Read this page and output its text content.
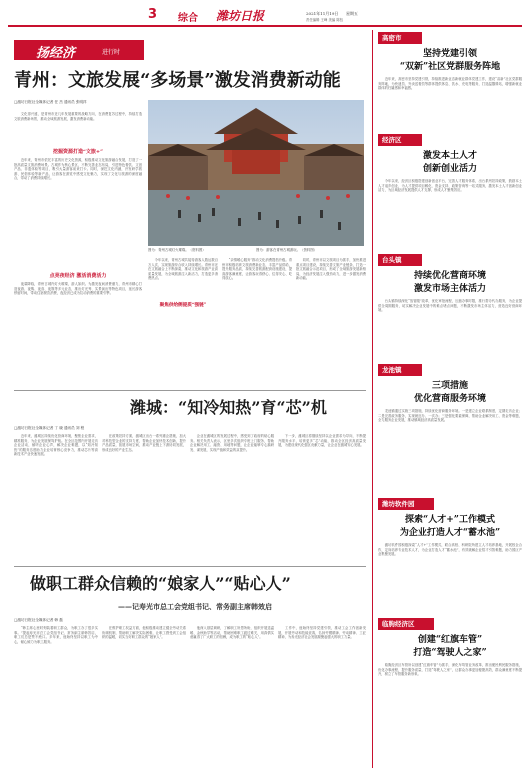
3 综合 潍坊日报	2021年11月19日 星期五
责任编辑 王峰 美编 陈钰
扬经济	进行时
青州：文旅发展“多场景”激发消费新动能
□潍坊日报社全媒体记者 任 杰 通讯员 张明祥
　　文化得兴盛，是青州市近几年发展重要的战略方向，在消费复苏过程中，持续打造文旅消费新场景，推动全域旅游发展，激发消费新动能。
挖掘资源打造“文旅+”
　　近年来，青州市依托丰富的历史文化资源，积极推动文化旅游融合发展，打造了一批高质量文旅消费场景。古城作为核心景区，不断完善业态布局，引进特色餐饮、文创产品、非遗体验等项目，吸引大量游客前来打卡。同时，深挖文化内涵，开发研学旅游、民俗体验等新产品，让游客在游览中感受文化魅力，实现了文化与旅游的深度融合，带动了消费持续增长。
点亮夜经济 激活消费活力
　　夜幕降临，青州古城内灯火璀璨，游人如织。为激发夜间消费潜力，青州市精心打造夜游、夜购、夜食、夜娱等多元业态，推出灯光秀、实景演出等特色项目，延长游客停留时间，带动住宿餐饮消费，夜经济已成为拉动消费的重要引擎。
图为：青州古城灯火璀璨。（资料图）	图为：游客在青州古城游玩。（资料图）
　　今年以来，青州古城共接待游客人数达数百万人次，实现旅游综合收入持续增长。青州市还在文旅融合上不断探索，推动文化和旅游产业高质量发展，为全域旅游注入新活力，打造更多消费热点。
聚焦供给侧提质“强链”
　　“亲情暖心服务”推动文化消费提档升级。青州市积极培育文旅消费新业态，丰富产品供给，提升服务品质，持续完善旅游配套设施建设，提高游客满意度，让游客玩得舒心、住得安心、吃得放心。
　　同时，青州市以文旅项目为抓手，加快推进重点项目建设，持续完善文旅产业链条，打造一批文旅融合示范项目，形成了全域旅游发展新格局，为经济发展注入强劲动力，进一步激发消费新动能。
潍城：“知冷知热”育“芯”机
□潍坊日报社全媒体记者 丁 晓 通讯员 刘 程
　　近年来，潍城区持续优化营商环境，聚焦企业需求，精准服务，为企业发展保驾护航。在全区范围内开展走访企业活动，倾听企业心声，解决企业难题，以“知冷知热”的服务态度助力企业培育核心竞争力，推动芯片等高新技术产业快速发展。
　　在政策扶持方面，潍城区出台一系列惠企措施，加大对科技型企业的支持力度，帮助企业加快技术创新，提升产品质量，拓展市场空间，推动产业链上下游协同发展，形成良好的产业生态。
　　企业在潍城区的发展过程中，感受到了政府的贴心服务。相关负责人表示，区里多次组织专班上门服务，帮助企业解决用工、融资、用地等问题，让企业能够专心搞研发、谋发展，实现产值和效益的双提升。
　　下一步，潍城区将继续坚持以企业需求为导向，不断提升服务水平，培育更多“芯”动能，推动全区经济高质量发展，为建设现代化强区贡献力量，让企业在潍城安心发展。
做职工群众信赖的“娘家人”“贴心人”
——记寿光市总工会党组书记、常务副主席韩效启
□潍坊日报社全媒体记者 韩 磊
　　“韩主席心里时刻装着职工群众，为职工办了很多实事。”提起寿光市总工会党组书记、常务副主席韩效启，职工们总是赞不绝口。多年来，他始终坚持以职工为中心，倾心倾力为职工服务。
　　在维护职工权益方面，他积极推动建立健全劳动关系协调机制，帮助职工解决实际困难，让职工感受到工会组织的温暖，切实当好职工群众的“娘家人”。
　　他深入基层调研，了解职工所思所盼，组织开展送温暖、金秋助学等活动，帮助困难职工渡过难关，用真情实意赢得了广大职工的信赖，成为职工的“贴心人”。
　　工作中，他始终坚持党建引领，推动工会工作创新发展，开展劳动和技能竞赛，弘扬劳模精神、劳动精神、工匠精神，为寿光经济社会发展凝聚起强大的职工力量。
高密市
坚持党建引领
“双新”社区党群服务阵地
　　近年来，高密市坚持党建引领，持续推进新业态新就业群体党建工作，建设“双新”社区党群服务阵地，为快递员、外卖送餐员等群体提供休息、饮水、充电等服务，打造温馨驿站，增强新就业群体的归属感和幸福感。
经济区
激发本土人才
创新创业活力
　　今年以来，经济区积极搭建创新创业平台，完善人才服务体系，出台系列扶持政策，鼓励本土人才返乡创业，为人才提供项目孵化、资金支持、政策咨询等一站式服务，激发本土人才创新创业活力，为区域经济发展提供人才支撑，形成人才聚集效应。
台头镇
持续优化营商环境
激发市场主体活力
　　台头镇持续深化“放管服”改革，优化审批流程，压缩办事时限，推行帮办代办服务，为企业提供全周期服务，切实解决企业发展中的难点堵点问题，不断激发市场主体活力，营造良好营商环境。
龙池镇
三项措施
优化营商服务环境
　　龙池镇通过实施三项措施，持续优化营商服务环境。一是建立企业联系制度，定期走访企业；二是完善政务服务，实现就近办、一次办；三是强化要素保障，帮助企业解决用工、资金等难题，全力服务企业发展，推动镇域经济高质量发展。
潍坊软件园
探索“人才+”工作模式
为企业打造人才“蓄水池”
　　潍坊软件园积极探索“人才+”工作模式，联合高校、科研院所建立人才培养基地，开展校企合作，定向培养专业技术人才，为企业打造人才“蓄水池”，有效破解企业招才引智难题，助力园区产业集聚发展。
临朐经济区
创建“红旗车管”
打造“驾驶人之家”
　　临朐经济区车管所以创建“红旗车管”为抓手，深化车驾管业务改革，推出便民利民服务措施，优化办事流程，提升服务质量，打造“驾驶人之家”，让群众办事更加便捷高效，群众满意度不断提升，树立了车管服务新形象。
